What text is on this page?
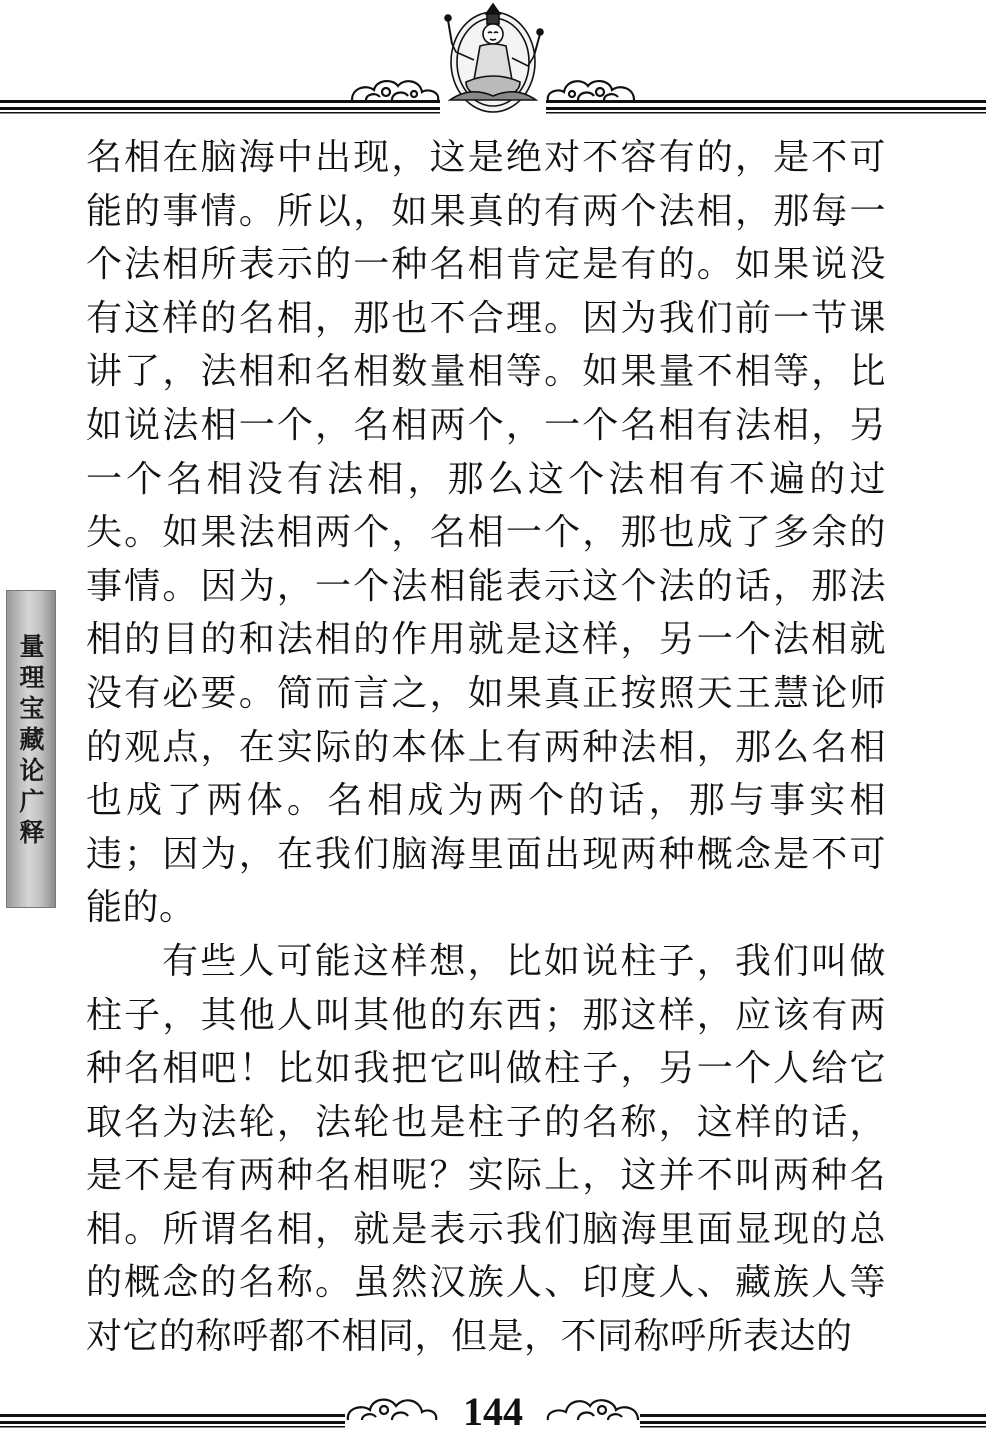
量理宝藏论广释

名相在脑海中出现，这是绝对不容有的，是不可能的事情。所以，如果真的有两个法相，那每一个法相所表示的一种名相肯定是有的。如果说没有这样的名相，那也不合理。因为我们前一节课讲了，法相和名相数量相等。如果量不相等，比如说法相一个，名相两个，一个名相有法相，另一个名相没有法相，那么这个法相有不遍的过失。如果法相两个，名相一个，那也成了多余的事情。因为，一个法相能表示这个法的话，那法相的目的和法相的作用就是这样，另一个法相就没有必要。简而言之，如果真正按照天王慧论师的观点，在实际的本体上有两种法相，那么名相也成了两体。名相成为两个的话，那与事实相违；因为，在我们脑海里面出现两种概念是不可能的。

有些人可能这样想，比如说柱子，我们叫做柱子，其他人叫其他的东西；那这样，应该有两种名相吧！比如我把它叫做柱子，另一个人给它取名为法轮，法轮也是柱子的名称，这样的话，是不是有两种名相呢？实际上，这并不叫两种名相。所谓名相，就是表示我们脑海里面显现的总的概念的名称。虽然汉族人、印度人、藏族人等对它的称呼都不相同，但是，不同称呼所表达的

144
